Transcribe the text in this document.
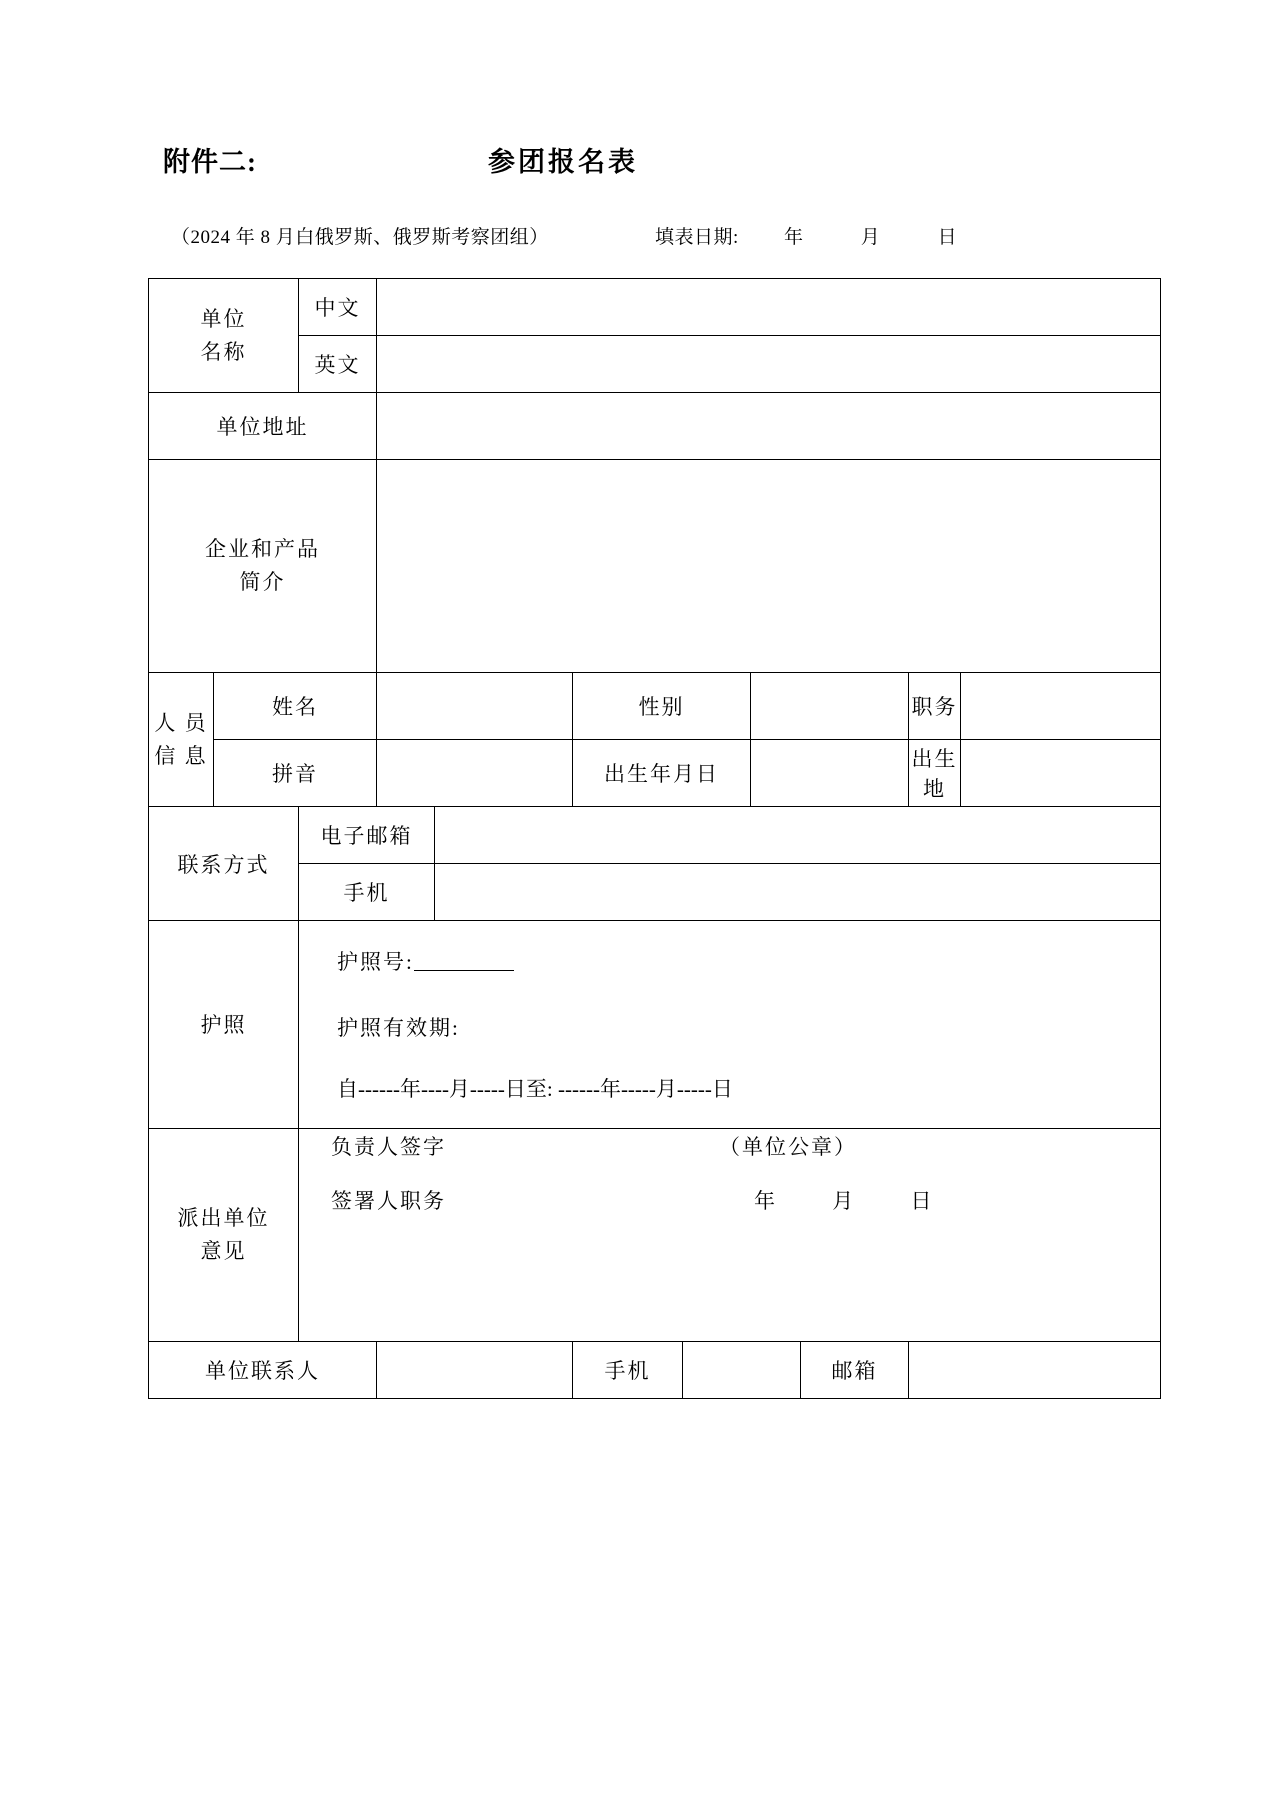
附件二:	参团报名表
（2024 年 8 月白俄罗斯、俄罗斯考察团组）	填表日期: 年	月	日
单位
名称		中文								
		英文								
单位地址										

企业和产品
简介										

人 员
信 息	姓名				性别				职务	
	拼音				出生年月日				出生地	
联系方式		电子邮箱								
		手机								
护照		护照号:
护照有效期:
自------年----月-----日至: ------年-----月-----日								

派出单位
意见

负责人签字	（单位公章）
签署人职务	年	月	日

单位联系人					手机			邮箱		
